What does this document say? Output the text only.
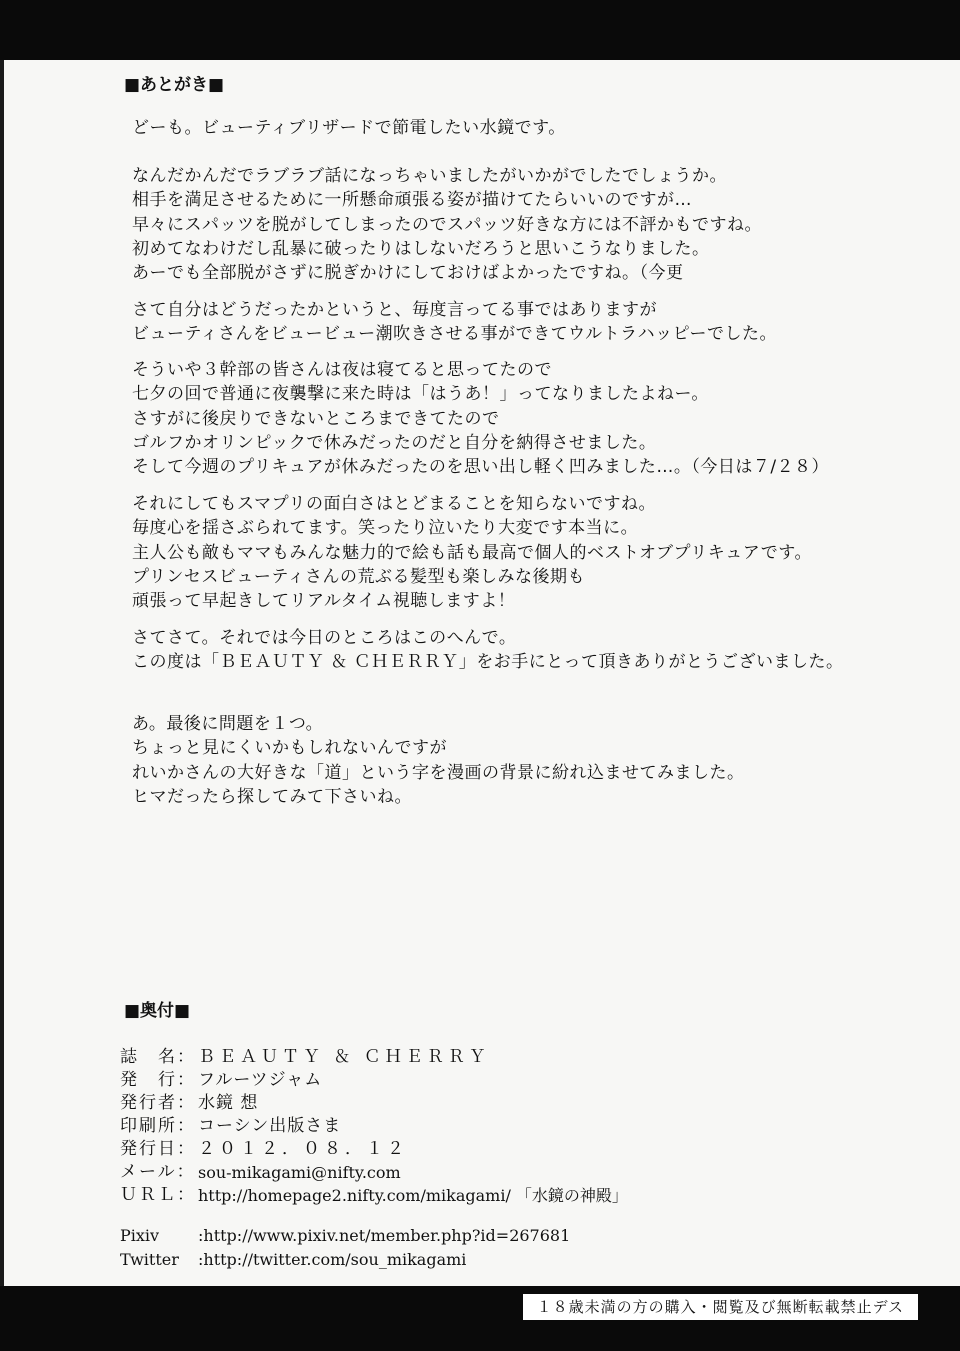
■あとがき■
どーも。ビューティブリザードで節電したい水鏡です。
なんだかんだでラブラブ話になっちゃいましたがいかがでしたでしょうか。
相手を満足させるために一所懸命頑張る姿が描けてたらいいのですが…
早々にスパッツを脱がしてしまったのでスパッツ好きな方には不評かもですね。
初めてなわけだし乱暴に破ったりはしないだろうと思いこうなりました。
あーでも全部脱がさずに脱ぎかけにしておけばよかったですね。（今更
さて自分はどうだったかというと、毎度言ってる事ではありますが
ビューティさんをビュービュー潮吹きさせる事ができてウルトラハッピーでした。
そういや３幹部の皆さんは夜は寝てると思ってたので
七夕の回で普通に夜襲撃に来た時は「はうあ！」ってなりましたよねー。
さすがに後戻りできないところまできてたので
ゴルフかオリンピックで休みだったのだと自分を納得させました。
そして今週のプリキュアが休みだったのを思い出し軽く凹みました…。（今日は７/２８）
それにしてもスマプリの面白さはとどまることを知らないですね。
毎度心を揺さぶられてます。笑ったり泣いたり大変です本当に。
主人公も敵もママもみんな魅力的で絵も話も最高で個人的ベストオブプリキュアです。
プリンセスビューティさんの荒ぶる髪型も楽しみな後期も
頑張って早起きしてリアルタイム視聴しますよ！
さてさて。それでは今日のところはこのへんで。
この度は「ＢＥＡＵＴＹ ＆ ＣＨＥＲＲＹ」をお手にとって頂きありがとうございました。
あ。最後に問題を１つ。
ちょっと見にくいかもしれないんですが
れいかさんの大好きな「道」という字を漫画の背景に紛れ込ませてみました。
ヒマだったら探してみて下さいね。
■奥付■
誌　名： ＢＥＡＵＴＹ ＆ ＣＨＥＲＲＹ
発　行： フルーツジャム
発行者： 水鏡 想
印刷所： コーシン出版さま
発行日： ２０１２．０８．１２
メール： sou-mikagami@nifty.com
ＵＲＬ： http://homepage2.nifty.com/mikagami/ 「水鏡の神殿」
Pixiv	:http://www.pixiv.net/member.php?id=267681
Twitter	:http://twitter.com/sou_mikagami
１８歳未満の方の購入・閲覧及び無断転載禁止デス
